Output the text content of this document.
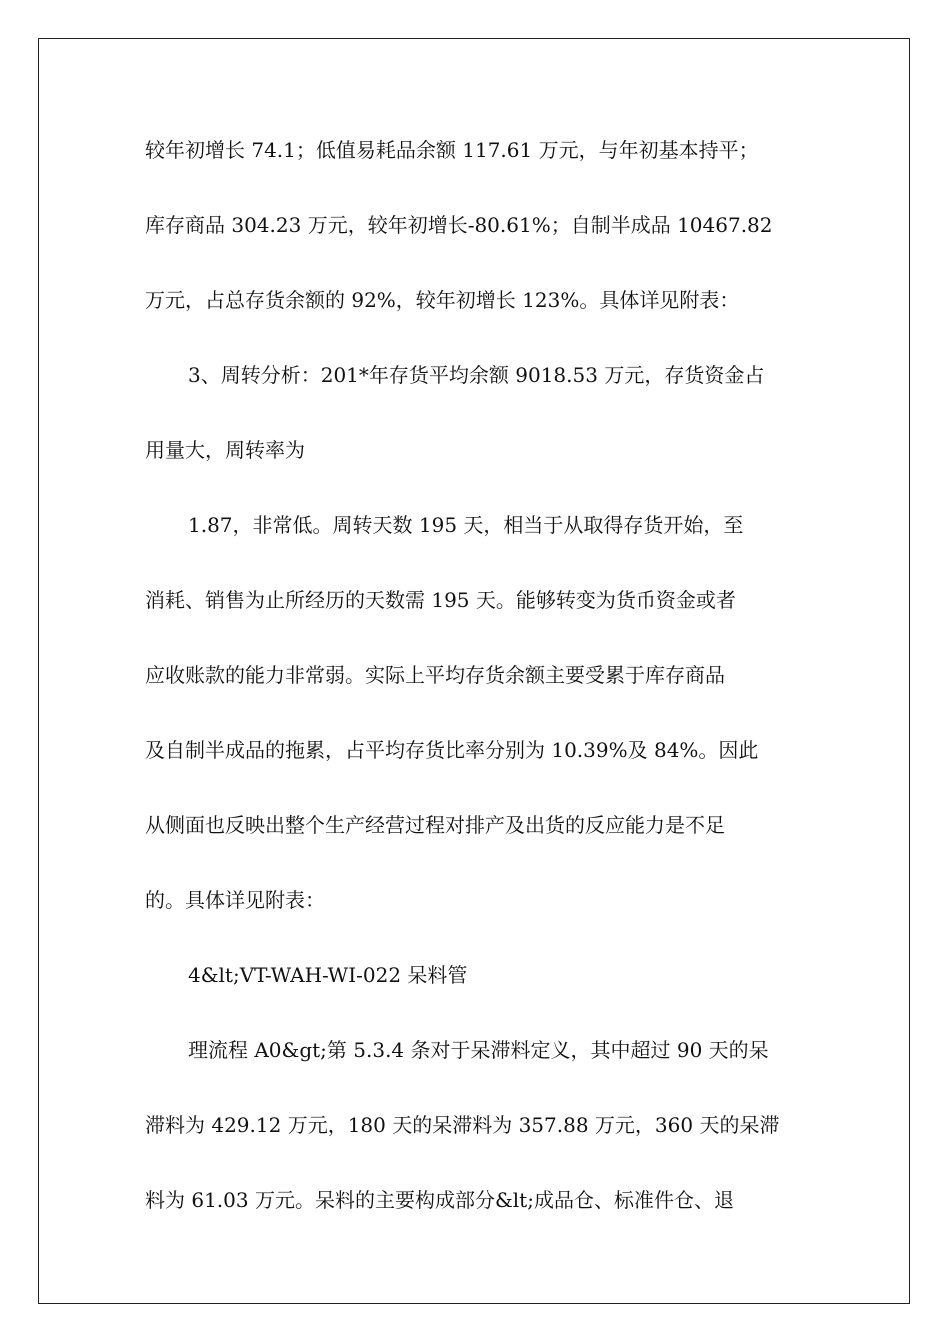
较年初增长 74.1；低值易耗品余额 117.61 万元，与年初基本持平；
库存商品 304.23 万元，较年初增长-80.61%；自制半成品 10467.82
万元，占总存货余额的 92%，较年初增长 123%。具体详见附表：
3、周转分析：201*年存货平均余额 9018.53 万元，存货资金占
用量大，周转率为
1.87，非常低。周转天数 195 天，相当于从取得存货开始，至
消耗、销售为止所经历的天数需 195 天。能够转变为货币资金或者
应收账款的能力非常弱。实际上平均存货余额主要受累于库存商品
及自制半成品的拖累，占平均存货比率分别为 10.39%及 84%。因此
从侧面也反映出整个生产经营过程对排产及出货的反应能力是不足
的。具体详见附表：
4&lt;VT-WAH-WI-022 呆料管
理流程 A0&gt;第 5.3.4 条对于呆滞料定义，其中超过 90 天的呆
滞料为 429.12 万元，180 天的呆滞料为 357.88 万元，360 天的呆滞
料为 61.03 万元。呆料的主要构成部分&lt;成品仓、标准件仓、退
